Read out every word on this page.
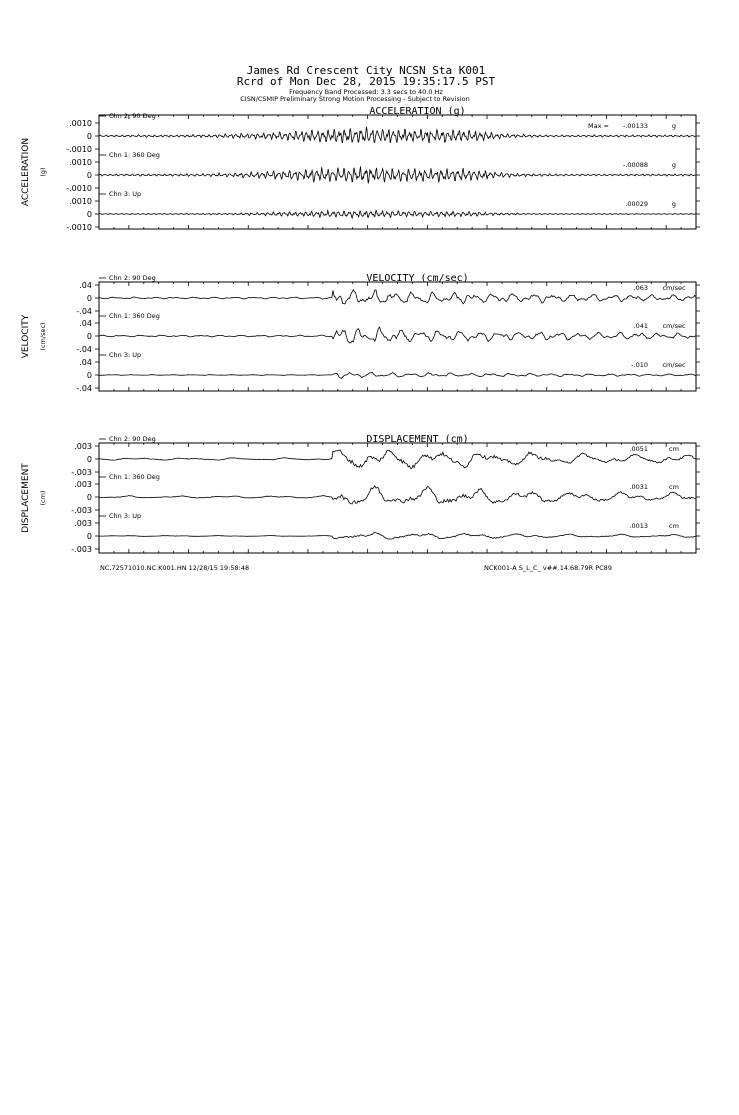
James Rd Crescent City NCSN Sta K001
Rcrd of Mon Dec 28, 2015 19:35:17.5 PST
Frequency Band Processed: 3.3 secs to 40.0 Hz
CISN/CSMIP Preliminary Strong Motion Processing - Subject to Revision
ACCELERATION (g)
ACCELERATION (g)
.0010
0
-.0010
Chn 2: 90 Deg
Max = -.00133	g
.0010
0
-.0010
Chn 1: 360 Deg
-.00088	g
.0010
0
-.0010
Chn 3: Up
.00029	g
VELOCITY (cm/sec)
VELOCITY (cm/sec)
.04
0
-.04
Chn 2: 90 Deg
.063 cm/sec
.04
0
-.04
Chn 1: 360 Deg
.041 cm/sec
.04
0
-.04
Chn 3: Up
-.010 cm/sec
DISPLACEMENT (cm)
DISPLACEMENT (cm)
.003
0
-.003
Chn 2: 90 Deg
.0051	cm
.003
0
-.003
Chn 1: 360 Deg
.0031	cm
.003
0
-.003
Chn 3: Up
.0013	cm
NC.72571010.NC.K001.HN 12/28/15 19:58:48	NCK001-A S_L_C_ v##.14.68.79R PC89
